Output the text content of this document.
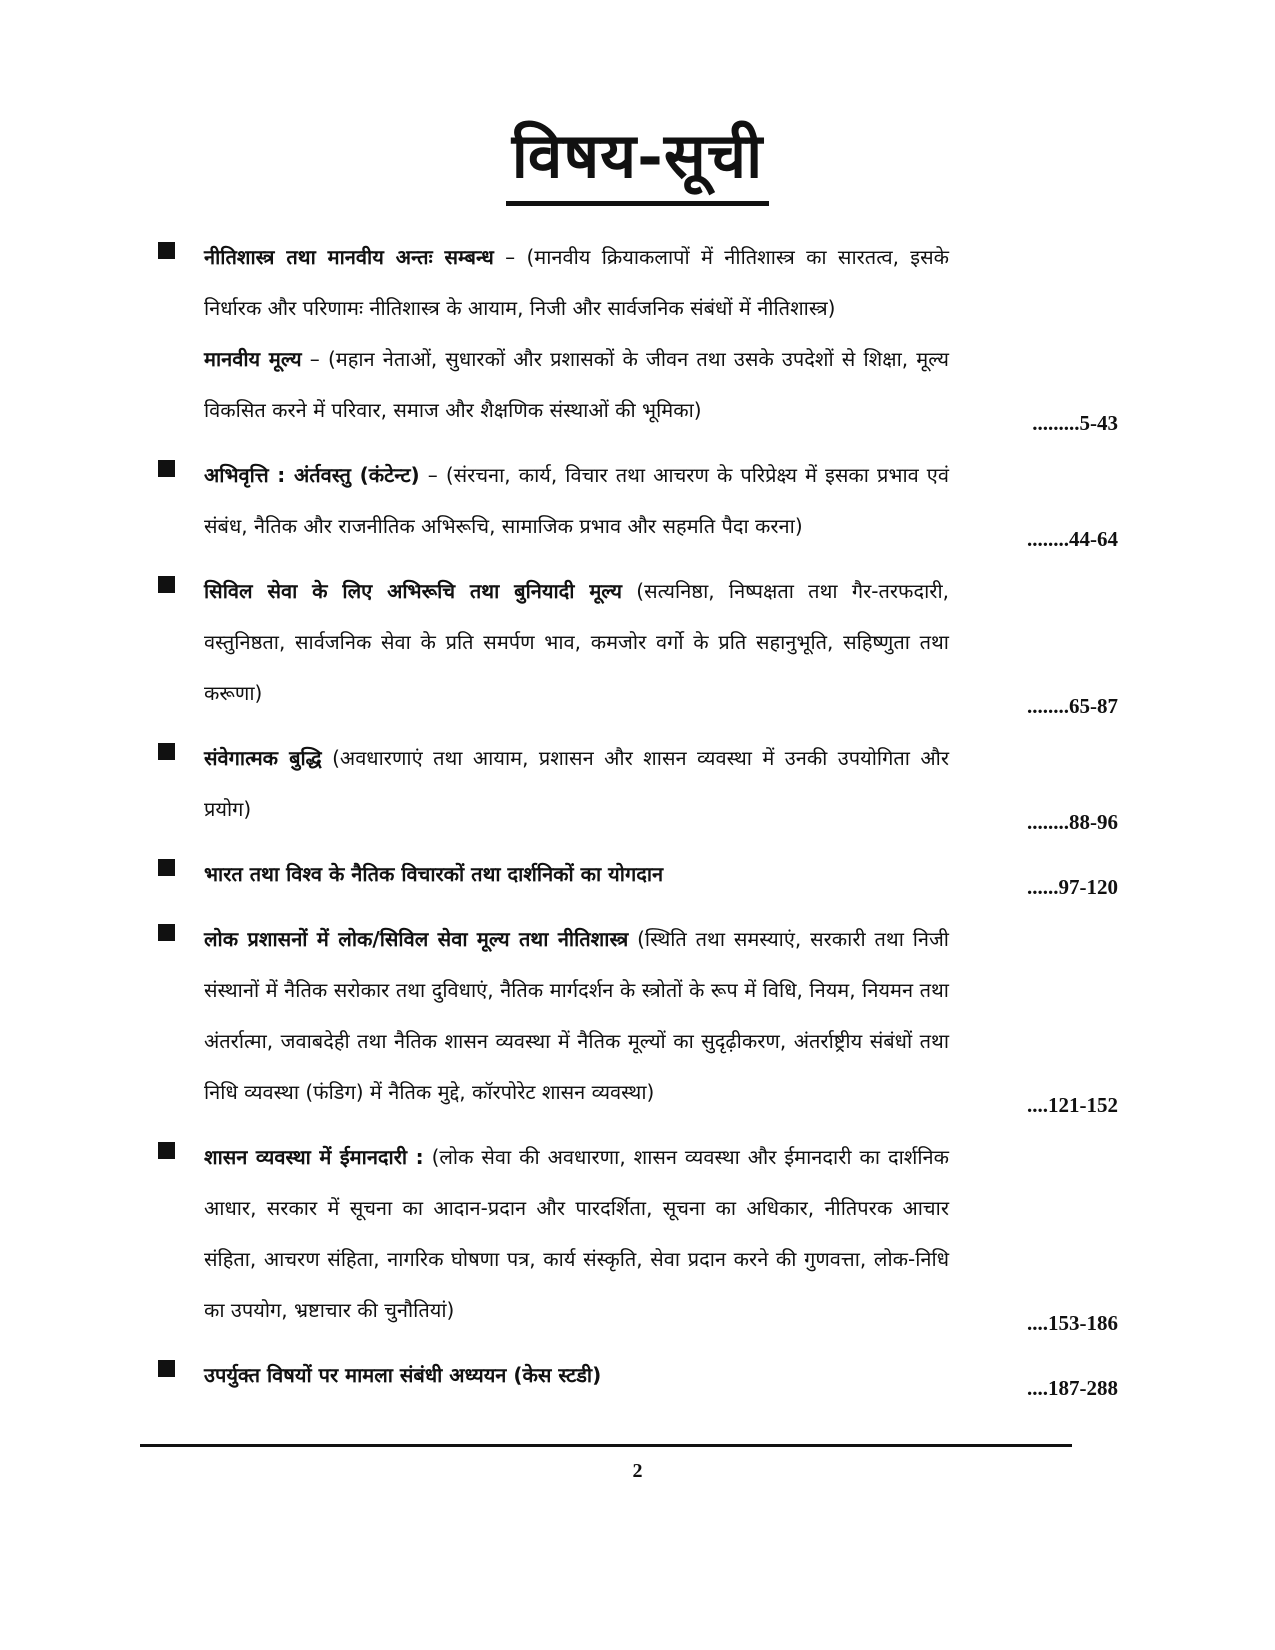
विषय-सूची
नीतिशास्त्र तथा मानवीय अन्तः सम्बन्ध – (मानवीय क्रियाकलापों में नीतिशास्त्र का सारतत्व, इसके निर्धारक और परिणामः नीतिशास्त्र के आयाम, निजी और सार्वजनिक संबंधों में नीतिशास्त्र)
मानवीय मूल्य – (महान नेताओं, सुधारकों और प्रशासकों के जीवन तथा उसके उपदेशों से शिक्षा, मूल्य विकसित करने में परिवार, समाज और शैक्षणिक संस्थाओं की भूमिका)
.........5-43
अभिवृत्ति : अंर्तवस्तु (कंटेन्ट) – (संरचना, कार्य, विचार तथा आचरण के परिप्रेक्ष्य में इसका प्रभाव एवं संबंध, नैतिक और राजनीतिक अभिरूचि, सामाजिक प्रभाव और सहमति पैदा करना)
........44-64
सिविल सेवा के लिए अभिरूचि तथा बुनियादी मूल्य (सत्यनिष्ठा, निष्पक्षता तथा गैर-तरफदारी, वस्तुनिष्ठता, सार्वजनिक सेवा के प्रति समर्पण भाव, कमजोर वर्गो के प्रति सहानुभूति, सहिष्णुता तथा करूणा)
........65-87
संवेगात्मक बुद्धि (अवधारणाएं तथा आयाम, प्रशासन और शासन व्यवस्था में उनकी उपयोगिता और प्रयोग)
........88-96
भारत तथा विश्व के नैतिक विचारकों तथा दार्शनिकों का योगदान
......97-120
लोक प्रशासनों में लोक/सिविल सेवा मूल्य तथा नीतिशास्त्र (स्थिति तथा समस्याएं, सरकारी तथा निजी संस्थानों में नैतिक सरोकार तथा दुविधाएं, नैतिक मार्गदर्शन के स्त्रोतों के रूप में विधि, नियम, नियमन तथा अंतर्रात्मा, जवाबदेही तथा नैतिक शासन व्यवस्था में नैतिक मूल्यों का सुदृढ़ीकरण, अंतर्राष्ट्रीय संबंधों तथा निधि व्यवस्था (फंडिग) में नैतिक मुद्दे, कॉरपोरेट शासन व्यवस्था)
....121-152
शासन व्यवस्था में ईमानदारी : (लोक सेवा की अवधारणा, शासन व्यवस्था और ईमानदारी का दार्शनिक आधार, सरकार में सूचना का आदान-प्रदान और पारदर्शिता, सूचना का अधिकार, नीतिपरक आचार संहिता, आचरण संहिता, नागरिक घोषणा पत्र, कार्य संस्कृति, सेवा प्रदान करने की गुणवत्ता, लोक-निधि का उपयोग, भ्रष्टाचार की चुनौतियां)
....153-186
उपर्युक्त विषयों पर मामला संबंधी अध्ययन (केस स्टडी)
....187-288
2
